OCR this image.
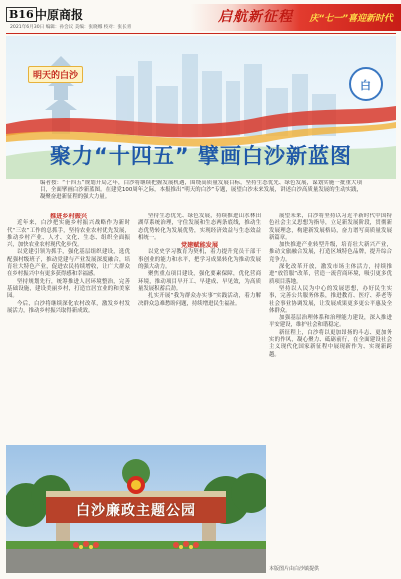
B16 中原商报
2021年6月30日 编辑：孙会议 美编：张晓娜 校对：张长青
启航新征程 庆“七一”喜迎新时代
明天的白沙
白
聚力“十四五” 擘画白沙新蓝图
编者按：“十四五”规划开局之年，白沙将继续把握发展机遇，围绕高质量发展目标，坚持生态优先、绿色发展，谋划实施一批重大项目，全面擘画白沙新蓝图。在建党100周年之际，本报推出“明天的白沙”专题，展望白沙未来发展，讲述白沙高质量发展的生动实践，凝聚奋进新征程的强大力量。

推进乡村振兴

近年来，白沙把实施乡村振兴战略作为新时代“三农”工作的总抓手，坚持农业农村优先发展，推动乡村产业、人才、文化、生态、组织全面振兴，加快农业农村现代化步伐。

以党建引领为抓手，强化基层组织建设，选优配强村级班子，推动党建与产业发展深度融合，培育壮大特色产业，促进农民持续增收，让广大群众在乡村振兴中有更多获得感和幸福感。

坚持规划先行，统筹推进人居环境整治，完善基础设施，建设美丽乡村，打造宜居宜业的和美家园。

今后，白沙将继续深化农村改革，激发乡村发展活力，推动乡村振兴取得新成效。

坚持生态优先、绿色发展，持续推进山水林田湖草系统治理，守住发展和生态两条底线，推动生态优势转化为发展优势，实现经济效益与生态效益相统一。

党建赋能发展

以党史学习教育为契机，着力提升党员干部干事创业的能力和水平，把学习成果转化为推动发展的强大动力。

聚焦重点项目建设，强化要素保障，优化营商环境，推动项目早开工、早建成、早见效，为高质量发展积蓄后劲。

扎实开展“我为群众办实事”实践活动，着力解决群众急难愁盼问题，持续增进民生福祉。

展望未来，白沙将坚持以习近平新时代中国特色社会主义思想为指导，立足新发展阶段，贯彻新发展理念，构建新发展格局，奋力谱写高质量发展新篇章。

加快推进产业转型升级，培育壮大新兴产业，推动文旅融合发展，打造区域特色品牌，提升综合竞争力。

深化改革开放，激发市场主体活力，持续推进“放管服”改革，营造一流营商环境，吸引更多优质项目落地。

坚持以人民为中心的发展思想，办好民生实事，完善公共服务体系，推进教育、医疗、养老等社会事业协调发展，让发展成果更多更公平惠及全体群众。

加强基层治理体系和治理能力建设，深入推进平安建设，维护社会和谐稳定。

新征程上，白沙将以更加昂扬的斗志、更加务实的作风，凝心聚力、砥砺前行，在全面建设社会主义现代化国家新征程中展现新作为、实现新跨越。

本版图片由白沙镇提供
白沙廉政主题公园
